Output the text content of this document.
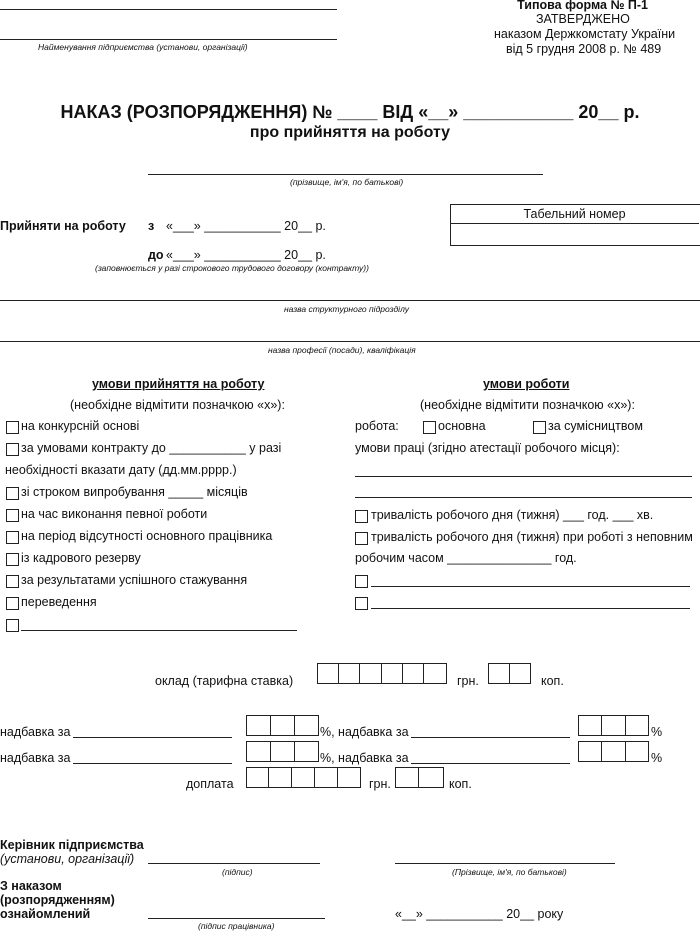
Найменування підприємства (установи, організації)
Типова форма № П-1
ЗАТВЕРДЖЕНО
наказом Держкомстату України
від 5 грудня 2008 р. № 489
НАКАЗ (РОЗПОРЯДЖЕННЯ) № ____ ВІД «__» ___________ 20__ р.
про прийняття на роботу
(прізвище, ім'я, по батькові)
Прийняти на роботу з «___» ___________ 20__ р.
до «___» ___________ 20__ р.
(заповнюється у разі строкового трудового договору (контракту))
Табельний номер
назва структурного підрозділу
назва професії (посади), кваліфікація
умови прийняття на роботу
(необхідне відмітити позначкою «х»):
на конкурсній основі
за умовами контракту до ___________ у разі
необхідності вказати дату (дд.мм.рррр.)
зі строком випробування _____ місяців
на час виконання певної роботи
на період відсутності основного працівника
із кадрового резерву
за результатами успішного стажування
переведення
умови роботи
(необхідне відмітити позначкою «х»):
робота:	основна	за сумісництвом
умови праці (згідно атестації робочого місця):
тривалість робочого дня (тижня) ___ год. ___ хв.
тривалість робочого дня (тижня) при роботі з неповним
робочим часом _______________ год.
оклад (тарифна ставка)	грн.	коп.
надбавка за	%, надбавка за	%
надбавка за	%, надбавка за	%
доплата	грн.	коп.
Керівник підприємства
(установи, організації)
(підпис)	(Прізвище, ім'я, по батькові)
З наказом
(розпорядженням)
ознайомлений
(підпис працівника)
«__» ___________ 20__ року
